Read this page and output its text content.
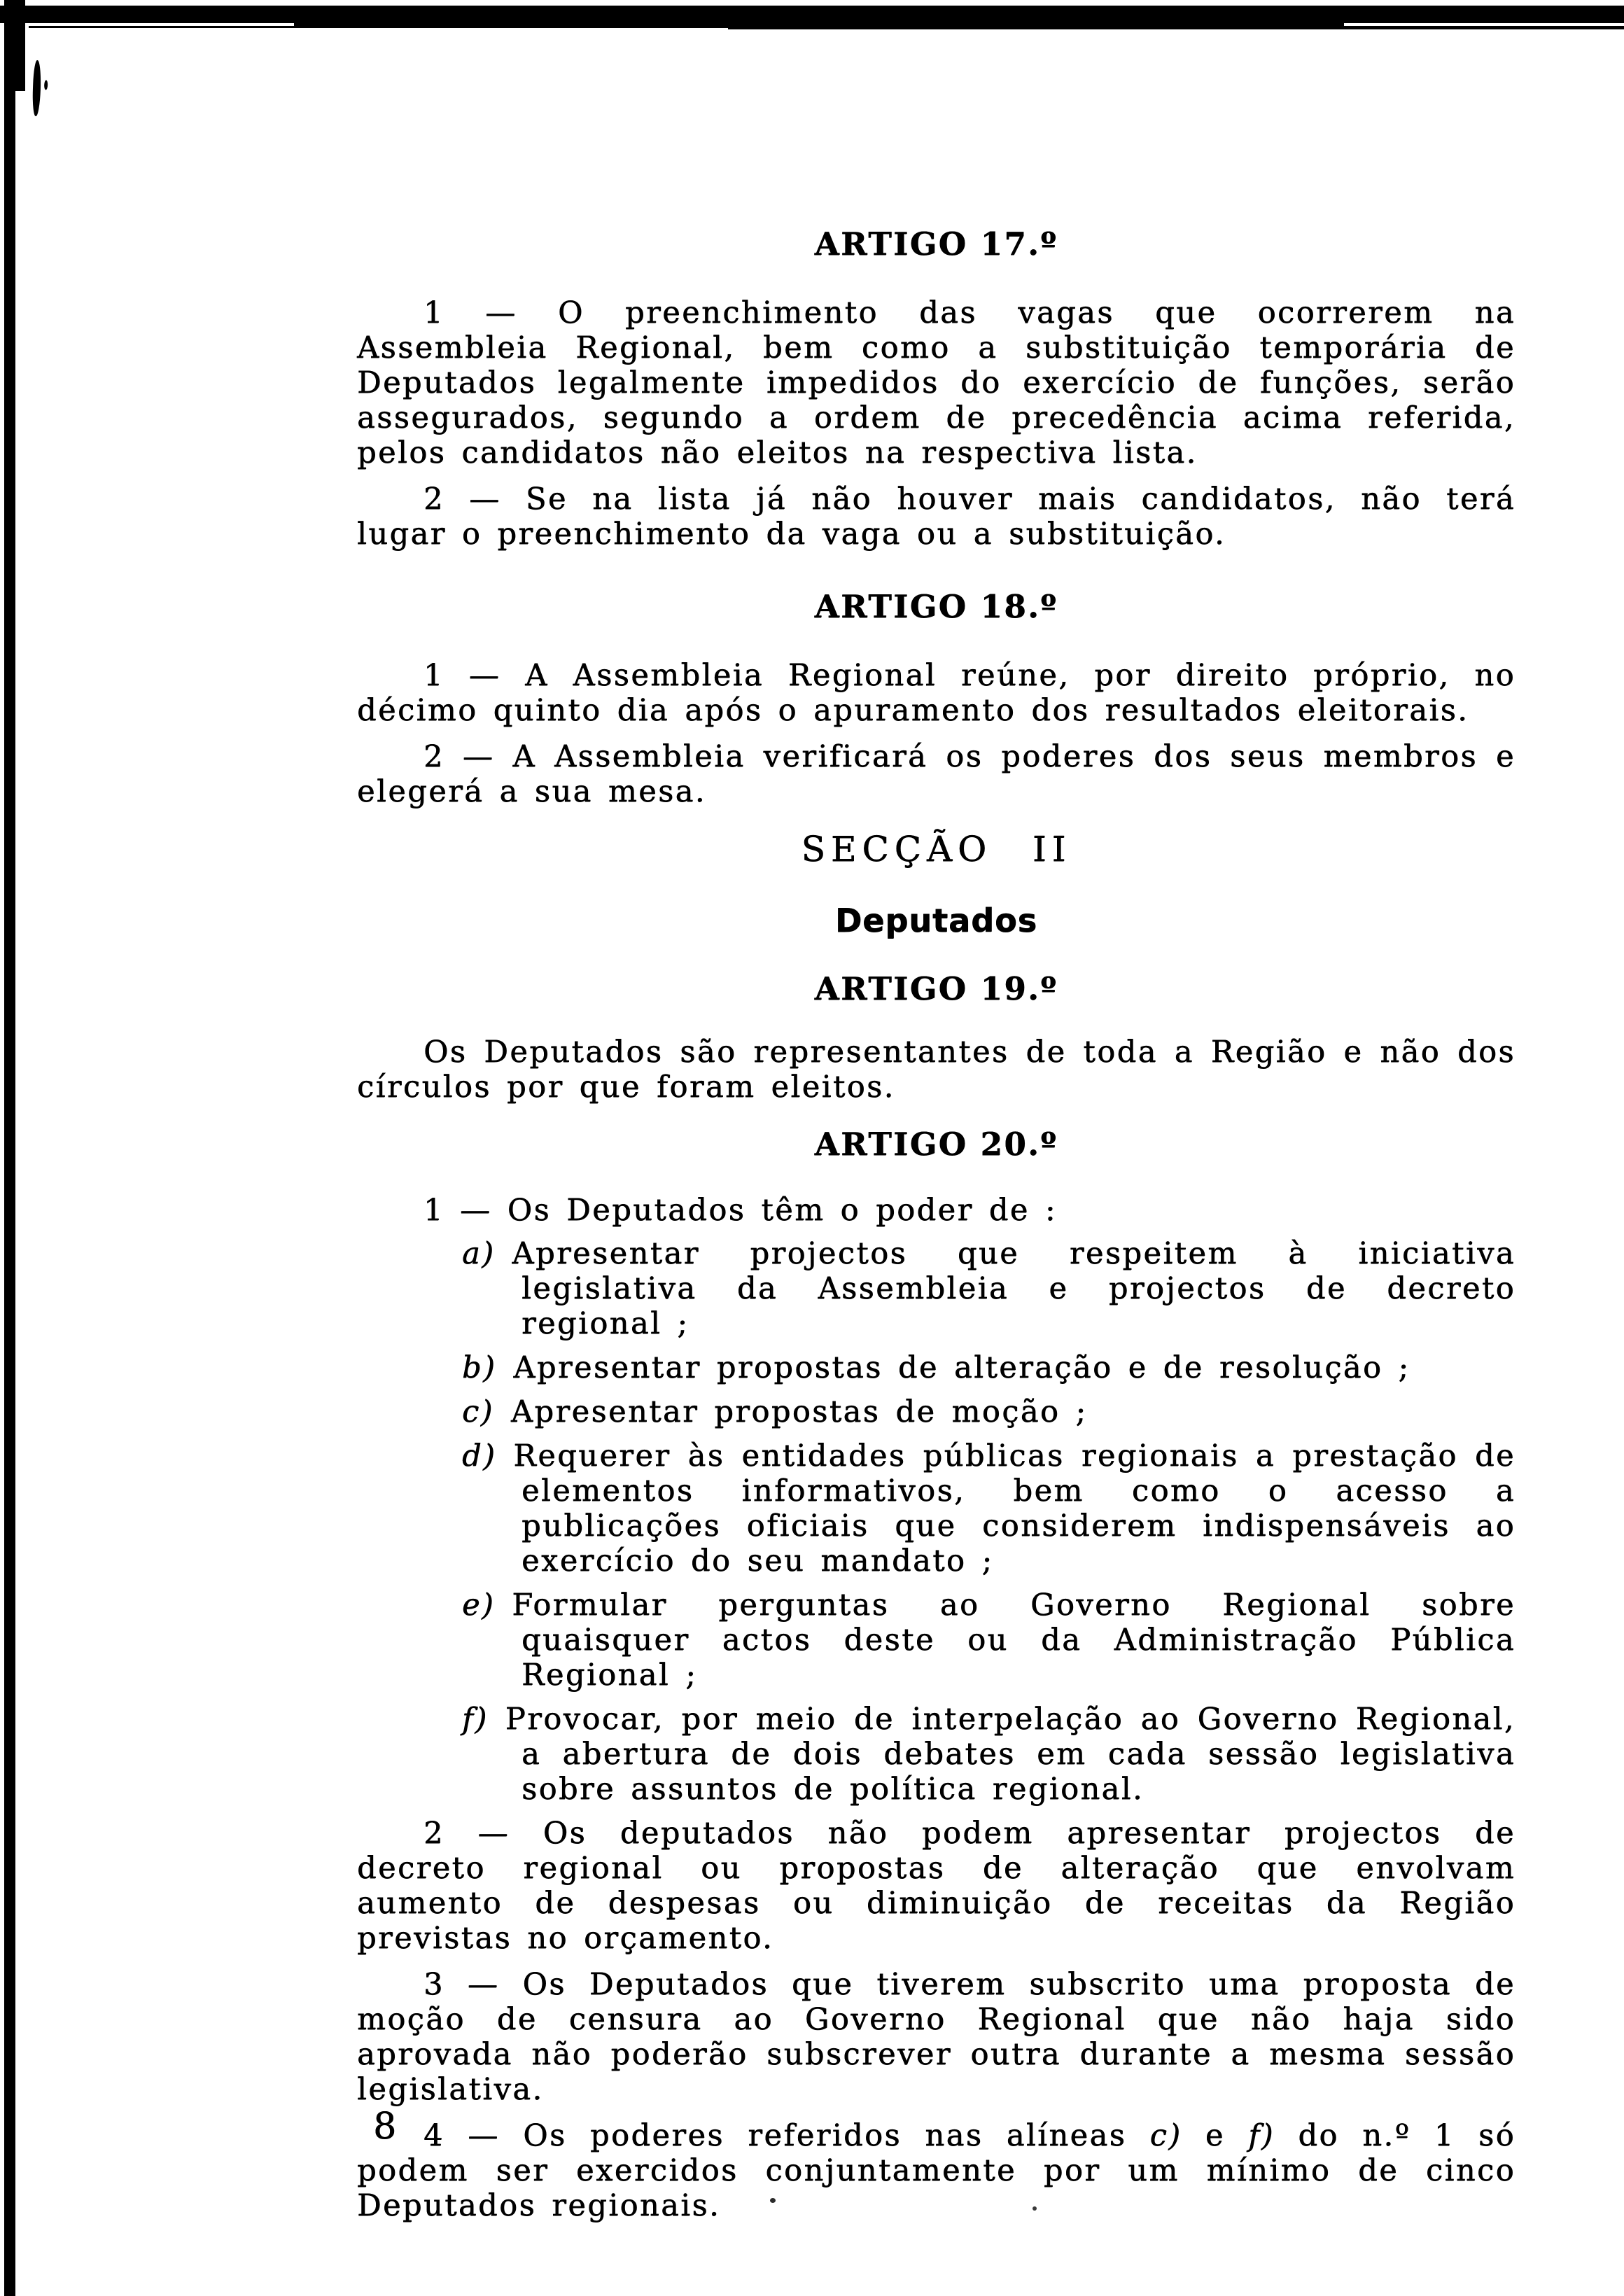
ARTIGO 17.º

1 — O preenchimento das vagas que ocorrerem na Assembleia Regional, bem como a substituição temporária de Deputados legalmente impedidos do exercício de funções, serão assegurados, segundo a ordem de precedência acima referida, pelos candidatos não eleitos na respectiva lista.

2 — Se na lista já não houver mais candidatos, não terá lugar o preenchimento da vaga ou a substituição.

ARTIGO 18.º

1 — A Assembleia Regional reúne, por direito próprio, no décimo quinto dia após o apuramento dos resultados eleitorais.

2 — A Assembleia verificará os poderes dos seus membros e elegerá a sua mesa.

SECÇÃO II
Deputados
ARTIGO 19.º

Os Deputados são representantes de toda a Região e não dos círculos por que foram eleitos.

ARTIGO 20.º

1 — Os Deputados têm o poder de :

a) Apresentar projectos que respeitem à iniciativa legislativa da Assembleia e projectos de decreto regional ;
b) Apresentar propostas de alteração e de resolução ;
c) Apresentar propostas de moção ;
d) Requerer às entidades públicas regionais a prestação de elementos informativos, bem como o acesso a publicações oficiais que considerem indispensáveis ao exercício do seu mandato ;
e) Formular perguntas ao Governo Regional sobre quaisquer actos deste ou da Administração Pública Regional ;
f) Provocar, por meio de interpelação ao Governo Regional, a abertura de dois debates em cada sessão legislativa sobre assuntos de política regional.

2 — Os deputados não podem apresentar projectos de decreto regional ou propostas de alteração que envolvam aumento de despesas ou diminuição de receitas da Região previstas no orçamento.

3 — Os Deputados que tiverem subscrito uma proposta de moção de censura ao Governo Regional que não haja sido aprovada não poderão subscrever outra durante a mesma sessão legislativa.

4 — Os poderes referidos nas alíneas c) e f) do n.º 1 só podem ser exercidos conjuntamente por um mínimo de cinco Deputados regionais.

8
